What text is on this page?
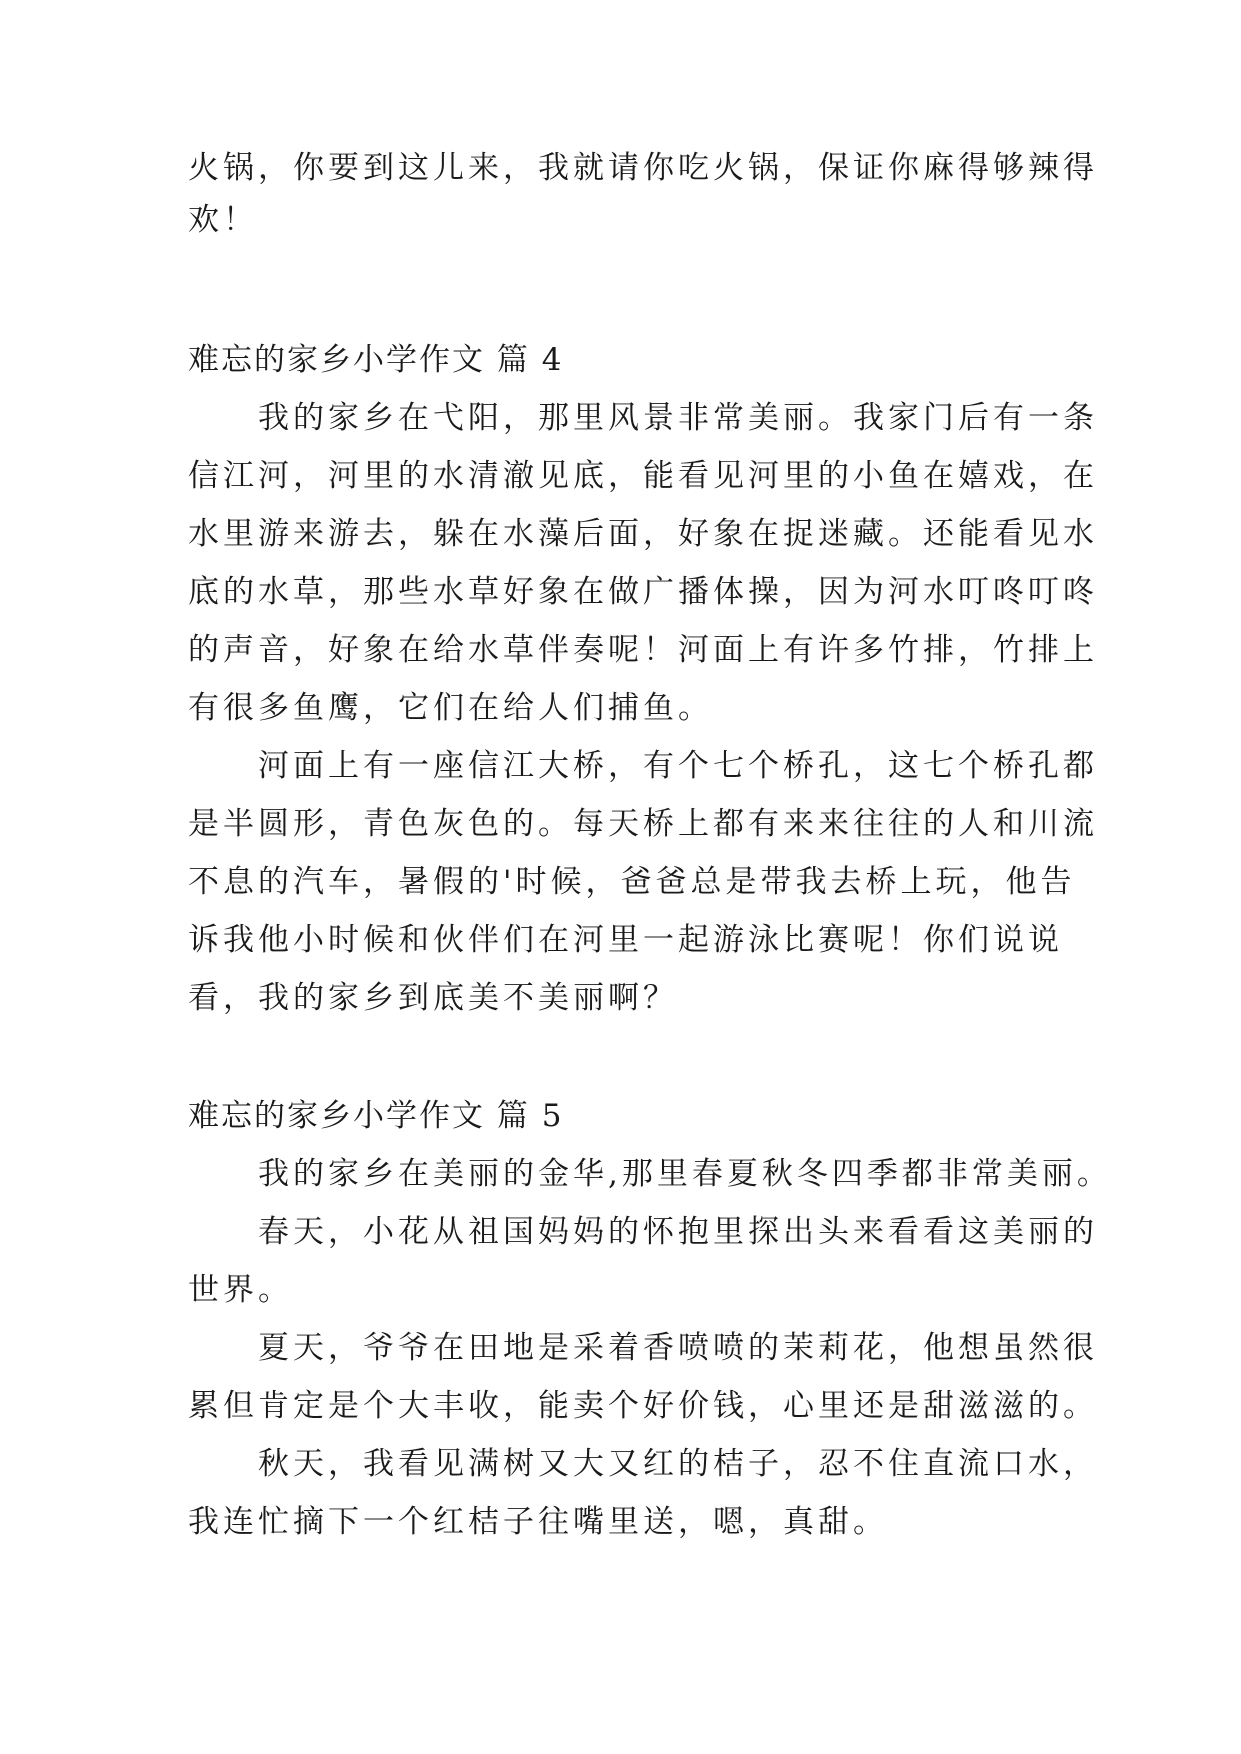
火锅，你要到这儿来，我就请你吃火锅，保证你麻得够辣得
欢！
难忘的家乡小学作文 篇 4
　　我的家乡在弋阳，那里风景非常美丽。我家门后有一条
信江河，河里的水清澈见底，能看见河里的小鱼在嬉戏，在
水里游来游去，躲在水藻后面，好象在捉迷藏。还能看见水
底的水草，那些水草好象在做广播体操，因为河水叮咚叮咚
的声音，好象在给水草伴奏呢！河面上有许多竹排，竹排上
有很多鱼鹰，它们在给人们捕鱼。
　　河面上有一座信江大桥，有个七个桥孔，这七个桥孔都
是半圆形，青色灰色的。每天桥上都有来来往往的人和川流
不息的汽车，暑假的'时候，爸爸总是带我去桥上玩，他告
诉我他小时候和伙伴们在河里一起游泳比赛呢！你们说说
看，我的家乡到底美不美丽啊？
难忘的家乡小学作文 篇 5
　　我的家乡在美丽的金华,那里春夏秋冬四季都非常美丽。
　　春天，小花从祖国妈妈的怀抱里探出头来看看这美丽的
世界。
　　夏天，爷爷在田地是采着香喷喷的茉莉花，他想虽然很
累但肯定是个大丰收，能卖个好价钱，心里还是甜滋滋的。
　　秋天，我看见满树又大又红的桔子，忍不住直流口水，
我连忙摘下一个红桔子往嘴里送，嗯，真甜。
